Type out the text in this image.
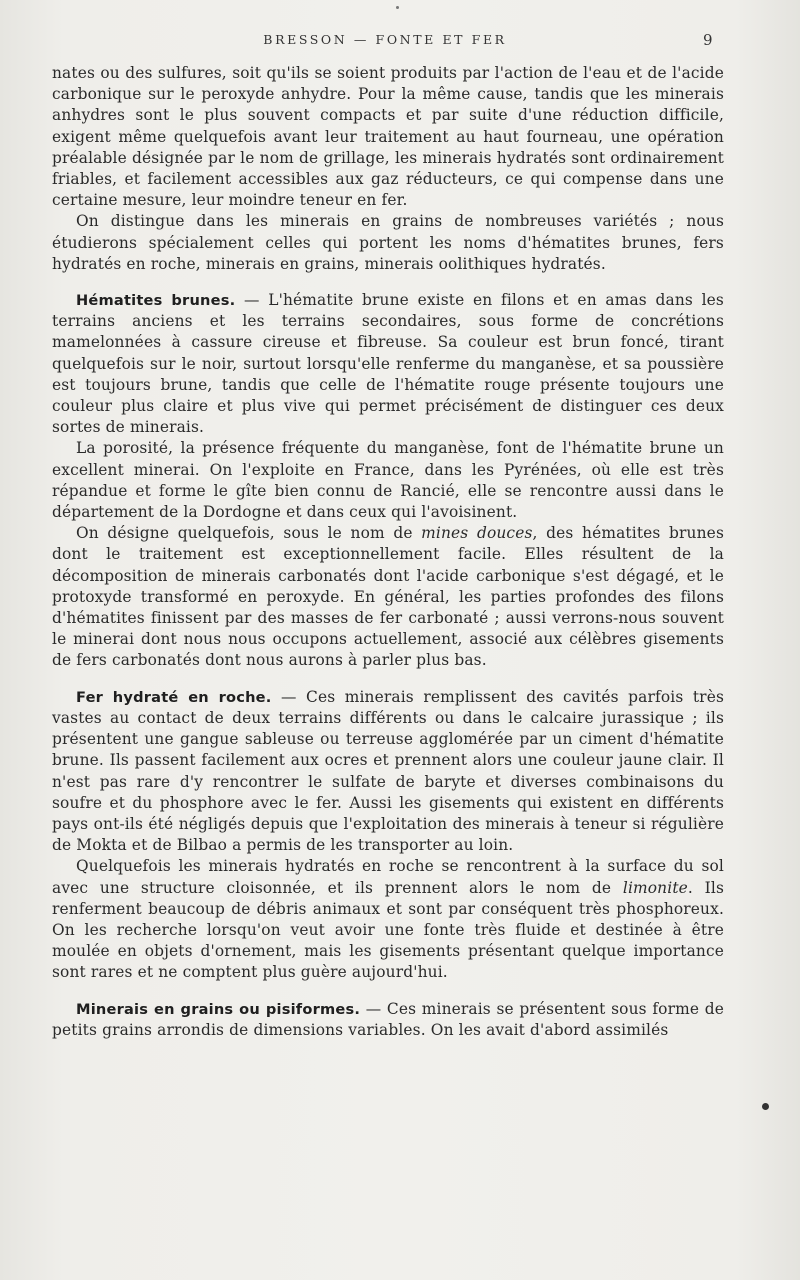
BRESSON — FONTE ET FER	9

nates ou des sulfures, soit qu'ils se soient produits par l'action de l'eau et de l'acide carbonique sur le peroxyde anhydre. Pour la même cause, tandis que les minerais anhydres sont le plus souvent compacts et par suite d'une réduction difficile, exigent même quelquefois avant leur traitement au haut fourneau, une opération préalable désignée par le nom de grillage, les minerais hydratés sont ordinairement friables, et facilement accessibles aux gaz réducteurs, ce qui compense dans une certaine mesure, leur moindre teneur en fer.

On distingue dans les minerais en grains de nombreuses variétés ; nous étudierons spécialement celles qui portent les noms d'hématites brunes, fers hydratés en roche, minerais en grains, minerais oolithiques hydratés.

Hématites brunes. — L'hématite brune existe en filons et en amas dans les terrains anciens et les terrains secondaires, sous forme de concrétions mamelonnées à cassure cireuse et fibreuse. Sa couleur est brun foncé, tirant quelquefois sur le noir, surtout lorsqu'elle renferme du manganèse, et sa poussière est toujours brune, tandis que celle de l'hématite rouge présente toujours une couleur plus claire et plus vive qui permet précisément de distinguer ces deux sortes de minerais.

La porosité, la présence fréquente du manganèse, font de l'hématite brune un excellent minerai. On l'exploite en France, dans les Pyrénées, où elle est très répandue et forme le gîte bien connu de Rancié, elle se rencontre aussi dans le département de la Dordogne et dans ceux qui l'avoisinent.

On désigne quelquefois, sous le nom de mines douces, des hématites brunes dont le traitement est exceptionnellement facile. Elles résultent de la décomposition de minerais carbonatés dont l'acide carbonique s'est dégagé, et le protoxyde transformé en peroxyde. En général, les parties profondes des filons d'hématites finissent par des masses de fer carbonaté ; aussi verrons-nous souvent le minerai dont nous nous occupons actuellement, associé aux célèbres gisements de fers carbonatés dont nous aurons à parler plus bas.

Fer hydraté en roche. — Ces minerais remplissent des cavités parfois très vastes au contact de deux terrains différents ou dans le calcaire jurassique ; ils présentent une gangue sableuse ou terreuse agglomérée par un ciment d'hématite brune. Ils passent facilement aux ocres et prennent alors une couleur jaune clair. Il n'est pas rare d'y rencontrer le sulfate de baryte et diverses combinaisons du soufre et du phosphore avec le fer. Aussi les gisements qui existent en différents pays ont-ils été négligés depuis que l'exploitation des minerais à teneur si régulière de Mokta et de Bilbao a permis de les transporter au loin.

Quelquefois les minerais hydratés en roche se rencontrent à la surface du sol avec une structure cloisonnée, et ils prennent alors le nom de limonite. Ils renferment beaucoup de débris animaux et sont par conséquent très phosphoreux. On les recherche lorsqu'on veut avoir une fonte très fluide et destinée à être moulée en objets d'ornement, mais les gisements présentant quelque importance sont rares et ne comptent plus guère aujourd'hui.

Minerais en grains ou pisiformes. — Ces minerais se présentent sous forme de petits grains arrondis de dimensions variables. On les avait d'abord assimilés
